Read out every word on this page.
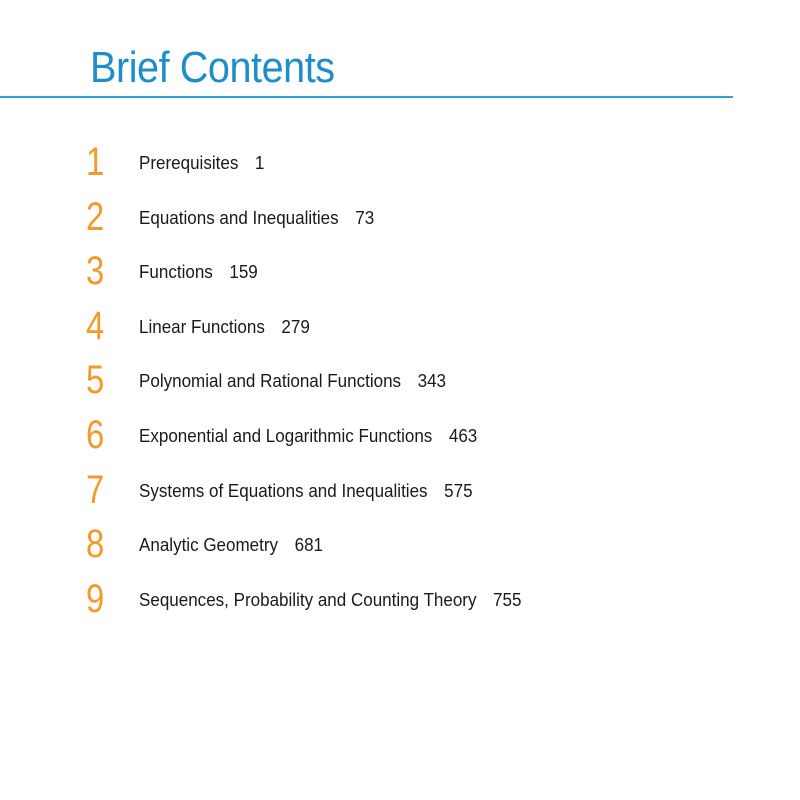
Brief Contents
1	Prerequisites 1
2	Equations and Inequalities 73
3	Functions 159
4	Linear Functions 279
5	Polynomial and Rational Functions 343
6	Exponential and Logarithmic Functions 463
7	Systems of Equations and Inequalities 575
8	Analytic Geometry 681
9	Sequences, Probability and Counting Theory 755
